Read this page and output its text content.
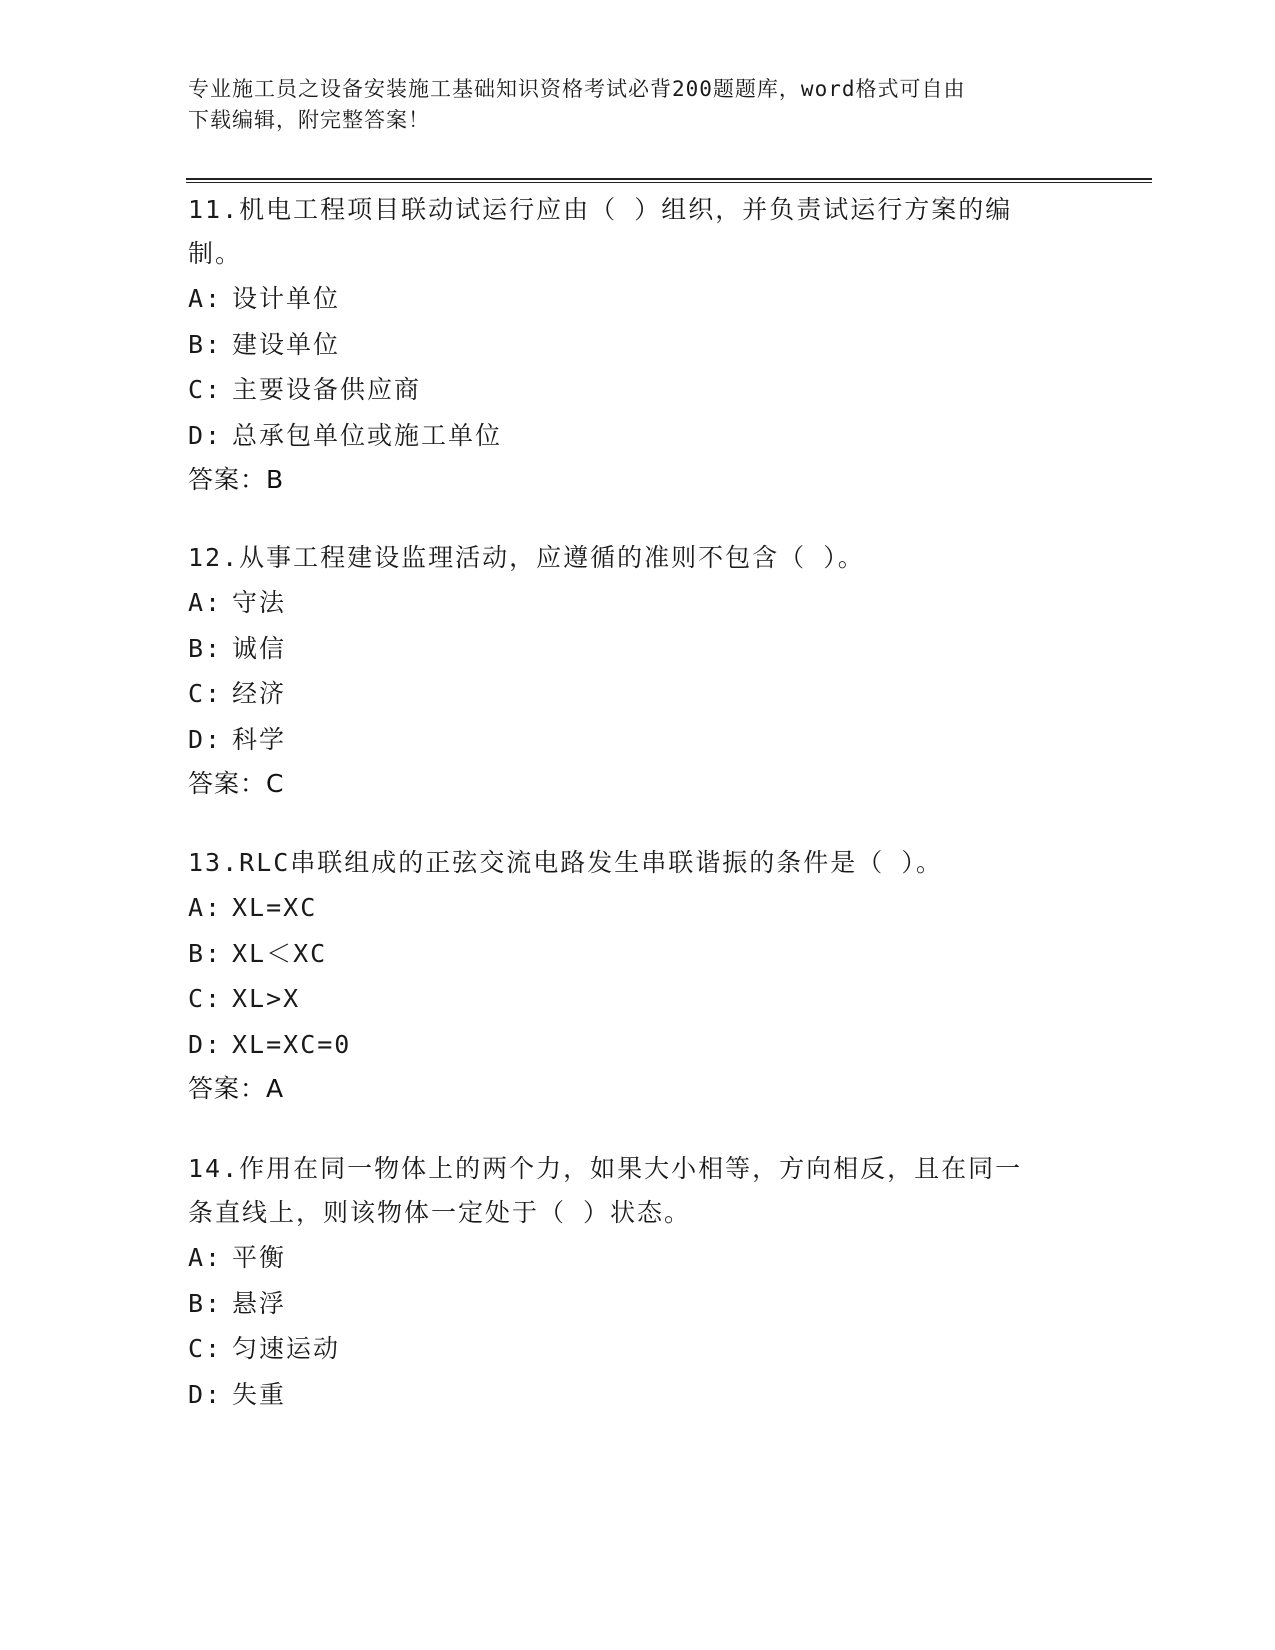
专业施工员之设备安装施工基础知识资格考试必背200题题库，word格式可自由

下载编辑，附完整答案！

11.机电工程项目联动试运行应由（ ）组织，并负责试运行方案的编
制。

A: 设计单位

B: 建设单位

C: 主要设备供应商

D: 总承包单位或施工单位

答案：B

12.从事工程建设监理活动，应遵循的准则不包含（ ）。

A: 守法

B: 诚信

C: 经济

D: 科学

答案：C

13.RLC串联组成的正弦交流电路发生串联谐振的条件是（ ）。

A: XL=XC

B: XL＜XC

C: XL>X

D: XL=XC=0

答案：A

14.作用在同一物体上的两个力，如果大小相等，方向相反，且在同一
条直线上，则该物体一定处于（ ）状态。

A: 平衡

B: 悬浮

C: 匀速运动

D: 失重
